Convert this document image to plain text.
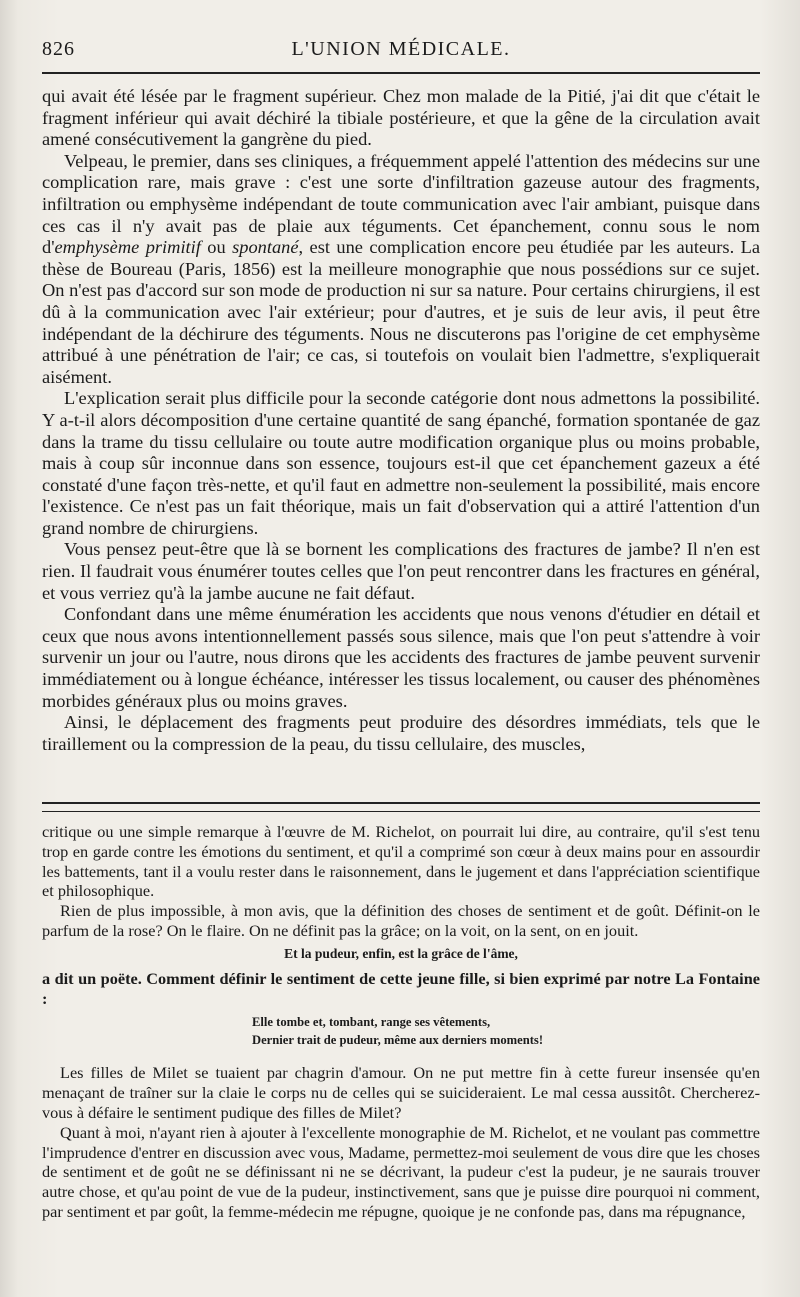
826	L'UNION MÉDICALE.

qui avait été lésée par le fragment supérieur. Chez mon malade de la Pitié, j'ai dit que c'était le fragment inférieur qui avait déchiré la tibiale postérieure, et que la gêne de la circulation avait amené consécutivement la gangrène du pied.

Velpeau, le premier, dans ses cliniques, a fréquemment appelé l'attention des médecins sur une complication rare, mais grave : c'est une sorte d'infiltration gazeuse autour des fragments, infiltration ou emphysème indépendant de toute communication avec l'air ambiant, puisque dans ces cas il n'y avait pas de plaie aux téguments. Cet épanchement, connu sous le nom d'emphysème primitif ou spontané, est une complication encore peu étudiée par les auteurs. La thèse de Boureau (Paris, 1856) est la meilleure monographie que nous possédions sur ce sujet. On n'est pas d'accord sur son mode de production ni sur sa nature. Pour certains chirurgiens, il est dû à la communication avec l'air extérieur; pour d'autres, et je suis de leur avis, il peut être indépendant de la déchirure des téguments. Nous ne discuterons pas l'origine de cet emphysème attribué à une pénétration de l'air; ce cas, si toutefois on voulait bien l'admettre, s'expliquerait aisément.

L'explication serait plus difficile pour la seconde catégorie dont nous admettons la possibilité. Y a-t-il alors décomposition d'une certaine quantité de sang épanché, formation spontanée de gaz dans la trame du tissu cellulaire ou toute autre modification organique plus ou moins probable, mais à coup sûr inconnue dans son essence, toujours est-il que cet épanchement gazeux a été constaté d'une façon très-nette, et qu'il faut en admettre non-seulement la possibilité, mais encore l'existence. Ce n'est pas un fait théorique, mais un fait d'observation qui a attiré l'attention d'un grand nombre de chirurgiens.

Vous pensez peut-être que là se bornent les complications des fractures de jambe? Il n'en est rien. Il faudrait vous énumérer toutes celles que l'on peut rencontrer dans les fractures en général, et vous verriez qu'à la jambe aucune ne fait défaut.

Confondant dans une même énumération les accidents que nous venons d'étudier en détail et ceux que nous avons intentionnellement passés sous silence, mais que l'on peut s'attendre à voir survenir un jour ou l'autre, nous dirons que les accidents des fractures de jambe peuvent survenir immédiatement ou à longue échéance, intéresser les tissus localement, ou causer des phénomènes morbides généraux plus ou moins graves.

Ainsi, le déplacement des fragments peut produire des désordres immédiats, tels que le tiraillement ou la compression de la peau, du tissu cellulaire, des muscles,

critique ou une simple remarque à l'œuvre de M. Richelot, on pourrait lui dire, au contraire, qu'il s'est tenu trop en garde contre les émotions du sentiment, et qu'il a comprimé son cœur à deux mains pour en assourdir les battements, tant il a voulu rester dans le raisonnement, dans le jugement et dans l'appréciation scientifique et philosophique.

Rien de plus impossible, à mon avis, que la définition des choses de sentiment et de goût. Définit-on le parfum de la rose? On le flaire. On ne définit pas la grâce; on la voit, on la sent, on en jouit.

Et la pudeur, enfin, est la grâce de l'âme,

a dit un poëte. Comment définir le sentiment de cette jeune fille, si bien exprimé par notre La Fontaine :

Elle tombe et, tombant, range ses vêtements,
Dernier trait de pudeur, même aux derniers moments!

Les filles de Milet se tuaient par chagrin d'amour. On ne put mettre fin à cette fureur insensée qu'en menaçant de traîner sur la claie le corps nu de celles qui se suicideraient. Le mal cessa aussitôt. Chercherez-vous à défaire le sentiment pudique des filles de Milet?

Quant à moi, n'ayant rien à ajouter à l'excellente monographie de M. Richelot, et ne voulant pas commettre l'imprudence d'entrer en discussion avec vous, Madame, permettez-moi seulement de vous dire que les choses de sentiment et de goût ne se définissant ni ne se décrivant, la pudeur c'est la pudeur, je ne saurais trouver autre chose, et qu'au point de vue de la pudeur, instinctivement, sans que je puisse dire pourquoi ni comment, par sentiment et par goût, la femme-médecin me répugne, quoique je ne confonde pas, dans ma répugnance,
